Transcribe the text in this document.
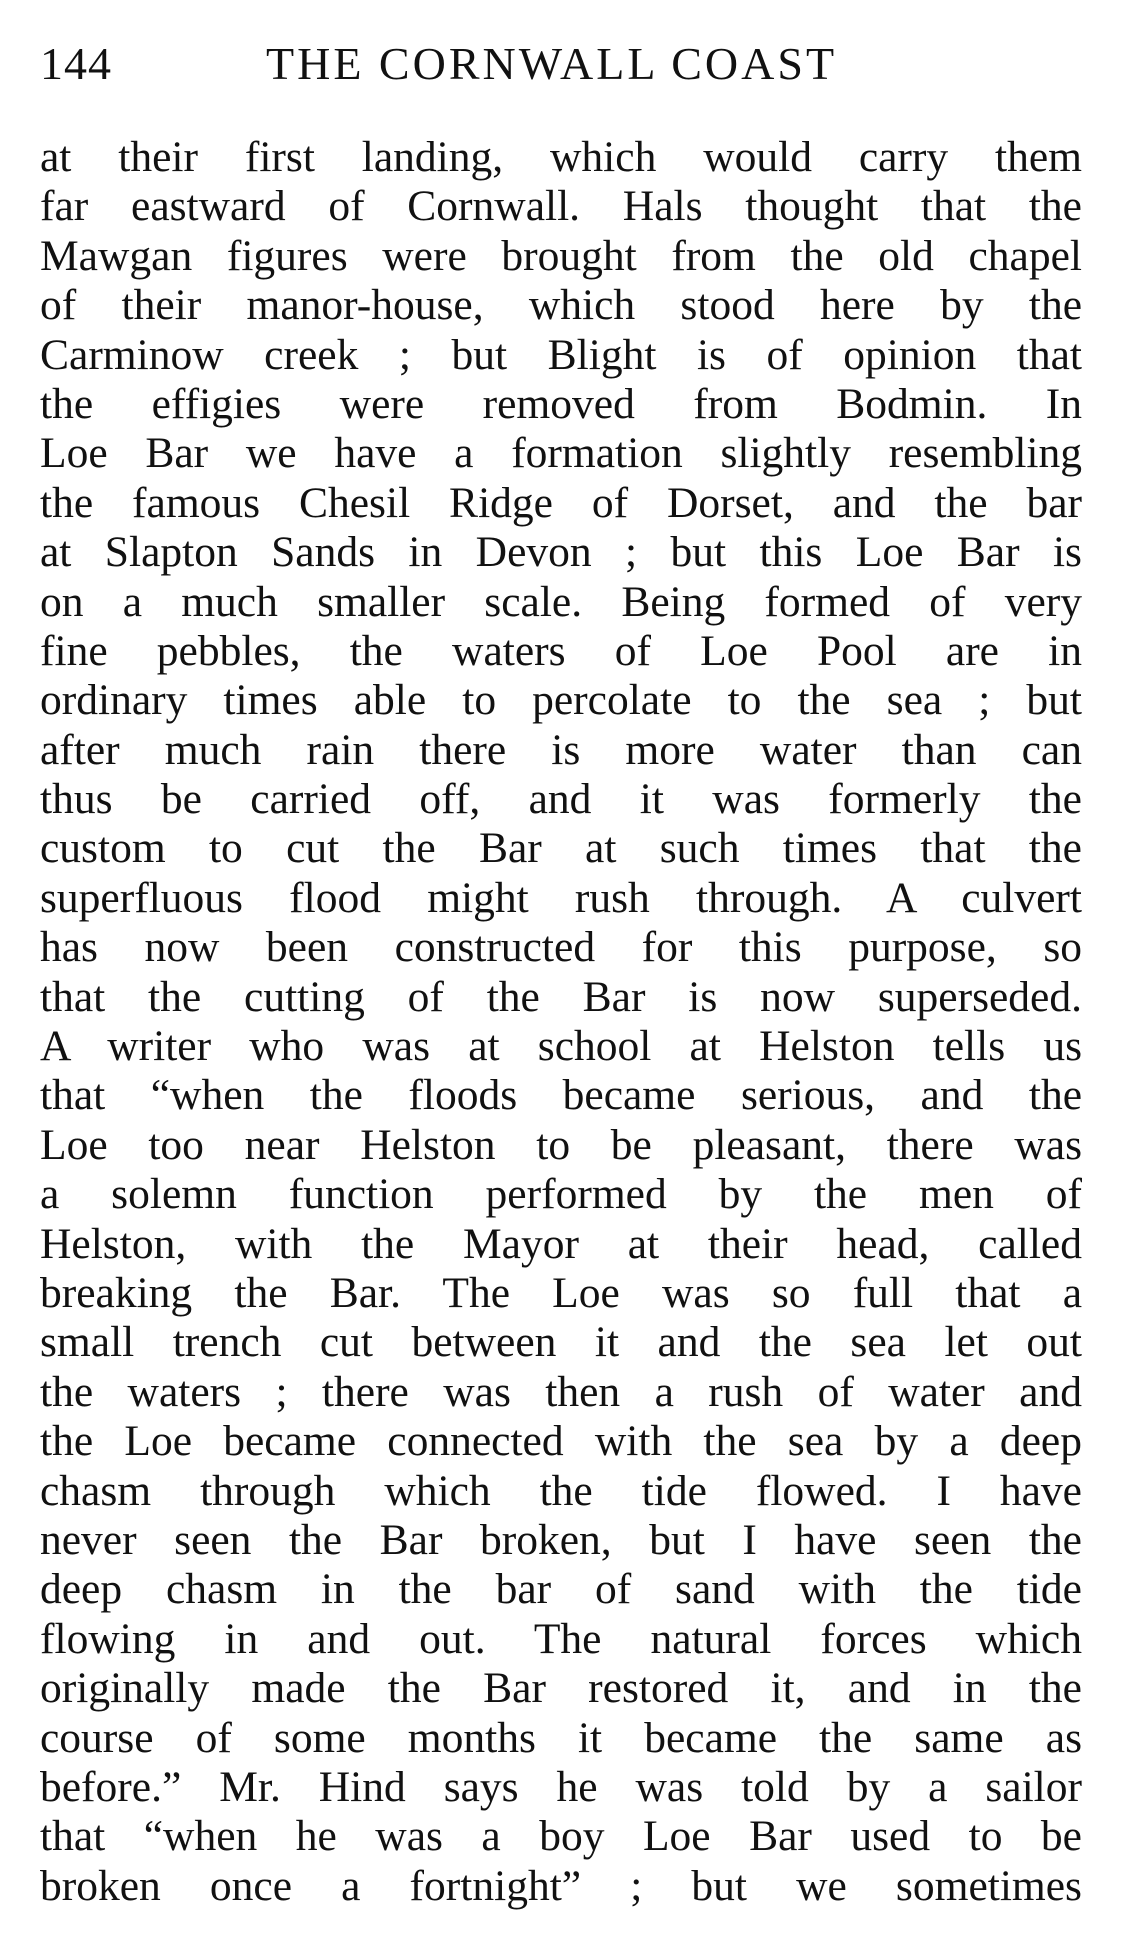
144	THE CORNWALL COAST
at their first landing, which would carry them
far eastward of Cornwall. Hals thought that the
Mawgan figures were brought from the old chapel
of their manor-house, which stood here by the
Carminow creek ; but Blight is of opinion that
the effigies were removed from Bodmin. In
Loe Bar we have a formation slightly resembling
the famous Chesil Ridge of Dorset, and the bar
at Slapton Sands in Devon ; but this Loe Bar is
on a much smaller scale. Being formed of very
fine pebbles, the waters of Loe Pool are in
ordinary times able to percolate to the sea ; but
after much rain there is more water than can
thus be carried off, and it was formerly the
custom to cut the Bar at such times that the
superfluous flood might rush through. A culvert
has now been constructed for this purpose, so
that the cutting of the Bar is now superseded.
A writer who was at school at Helston tells us
that “when the floods became serious, and the
Loe too near Helston to be pleasant, there was
a solemn function performed by the men of
Helston, with the Mayor at their head, called
breaking the Bar. The Loe was so full that a
small trench cut between it and the sea let out
the waters ; there was then a rush of water and
the Loe became connected with the sea by a deep
chasm through which the tide flowed. I have
never seen the Bar broken, but I have seen the
deep chasm in the bar of sand with the tide
flowing in and out. The natural forces which
originally made the Bar restored it, and in the
course of some months it became the same as
before.” Mr. Hind says he was told by a sailor
that “when he was a boy Loe Bar used to be
broken once a fortnight” ; but we sometimes
